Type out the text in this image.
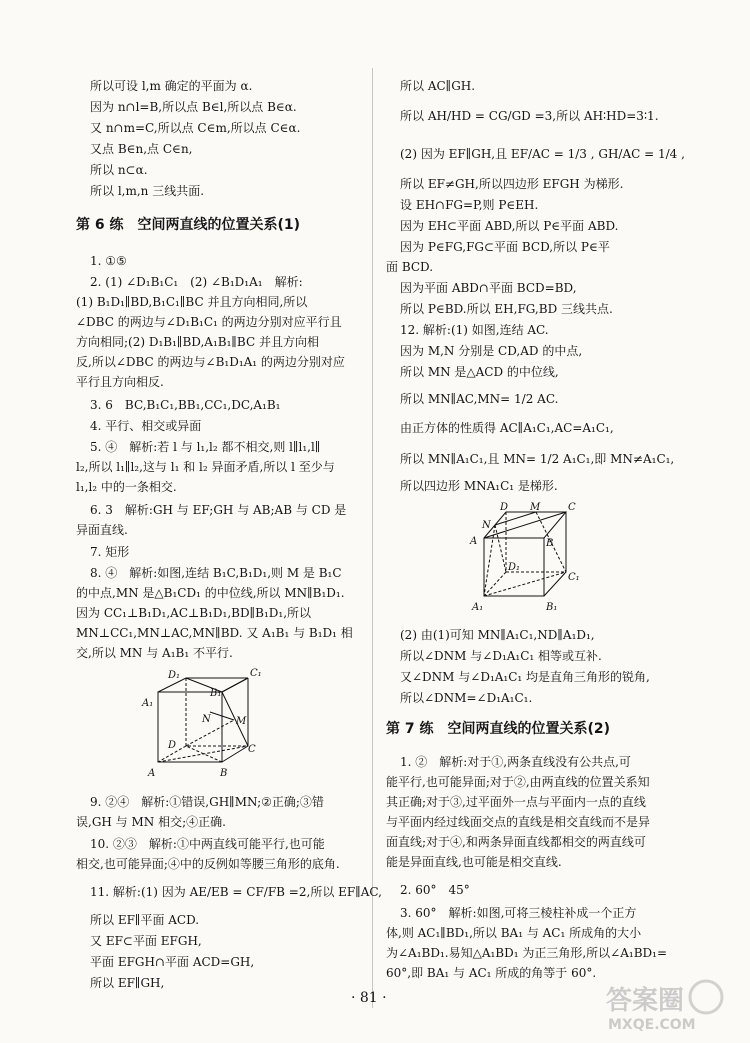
所以可设 l,m 确定的平面为 α.
因为 n∩l=B,所以点 B∈l,所以点 B∈α.
又 n∩m=C,所以点 C∈m,所以点 C∈α.
又点 B∈n,点 C∈n,
所以 n⊂α.
所以 l,m,n 三线共面.
第 6 练　空间两直线的位置关系(1)
1. ①⑤
2. (1) ∠D₁B₁C₁　(2) ∠B₁D₁A₁　解析:
(1) B₁D₁∥BD,B₁C₁∥BC 并且方向相同,所以
∠DBC 的两边与∠D₁B₁C₁ 的两边分别对应平行且
方向相同;(2) D₁B₁∥BD,A₁B₁∥BC 并且方向相
反,所以∠DBC 的两边与∠B₁D₁A₁ 的两边分别对应
平行且方向相反.
3. 6　BC,B₁C₁,BB₁,CC₁,DC,A₁B₁
4. 平行、相交或异面
5. ④　解析:若 l 与 l₁,l₂ 都不相交,则 l∥l₁,l∥
l₂,所以 l₁∥l₂,这与 l₁ 和 l₂ 异面矛盾,所以 l 至少与
l₁,l₂ 中的一条相交.
6. 3　解析:GH 与 EF;GH 与 AB;AB 与 CD 是
异面直线.
7. 矩形
8. ④　解析:如图,连结 B₁C,B₁D₁,则 M 是 B₁C
的中点,MN 是△B₁CD₁ 的中位线,所以 MN∥B₁D₁.
因为 CC₁⊥B₁D₁,AC⊥B₁D₁,BD∥B₁D₁,所以
MN⊥CC₁,MN⊥AC,MN∥BD. 又 A₁B₁ 与 B₁D₁ 相
交,所以 MN 与 A₁B₁ 不平行.
9. ②④　解析:①错误,GH∥MN;②正确;③错
误,GH 与 MN 相交;④正确.
10. ②③　解析:①中两直线可能平行,也可能
相交,也可能异面;④中的反例如等腰三角形的底角.
11. 解析:(1) 因为 AE/EB = CF/FB =2,所以 EF∥AC,
所以 EF∥平面 ACD.
又 EF⊂平面 EFGH,
平面 EFGH∩平面 ACD=GH,
所以 EF∥GH,
所以 AC∥GH.
所以 AH/HD = CG/GD =3,所以 AH∶HD=3∶1.
(2) 因为 EF∥GH,且 EF/AC = 1/3 , GH/AC = 1/4 ,
所以 EF≠GH,所以四边形 EFGH 为梯形.
设 EH∩FG=P,则 P∈EH.
因为 EH⊂平面 ABD,所以 P∈平面 ABD.
因为 P∈FG,FG⊂平面 BCD,所以 P∈平
面 BCD.
因为平面 ABD∩平面 BCD=BD,
所以 P∈BD.所以 EH,FG,BD 三线共点.
12. 解析:(1) 如图,连结 AC.
因为 M,N 分别是 CD,AD 的中点,
所以 MN 是△ACD 的中位线,
所以 MN∥AC,MN= 1/2 AC.
由正方体的性质得 AC∥A₁C₁,AC=A₁C₁,
所以 MN∥A₁C₁,且 MN= 1/2 A₁C₁,即 MN≠A₁C₁,
所以四边形 MNA₁C₁ 是梯形.
(2) 由(1)可知 MN∥A₁C₁,ND∥A₁D₁,
所以∠DNM 与∠D₁A₁C₁ 相等或互补.
又∠DNM 与∠D₁A₁C₁ 均是直角三角形的锐角,
所以∠DNM=∠D₁A₁C₁.
第 7 练　空间两直线的位置关系(2)
1. ②　解析:对于①,两条直线没有公共点,可
能平行,也可能异面;对于②,由两直线的位置关系知
其正确;对于③,过平面外一点与平面内一点的直线
与平面内经过线面交点的直线是相交直线而不是异
面直线;对于④,和两条异面直线都相交的两直线可
能是异面直线,也可能是相交直线.
2. 60°　45°
3. 60°　解析:如图,可将三棱柱补成一个正方
体,则 AC₁∥BD₁,所以 BA₁ 与 AC₁ 所成角的大小
为∠A₁BD₁.易知△A₁BD₁ 为正三角形,所以∠A₁BD₁=
60°,即 BA₁ 与 AC₁ 所成的角等于 60°.
D₁	C₁
B₁
A₁
N	M
D	C
A	B
D M	C
N
A	B
D₁
C₁
A₁	B₁
· 81 ·	答案圈
MXQE.COM
